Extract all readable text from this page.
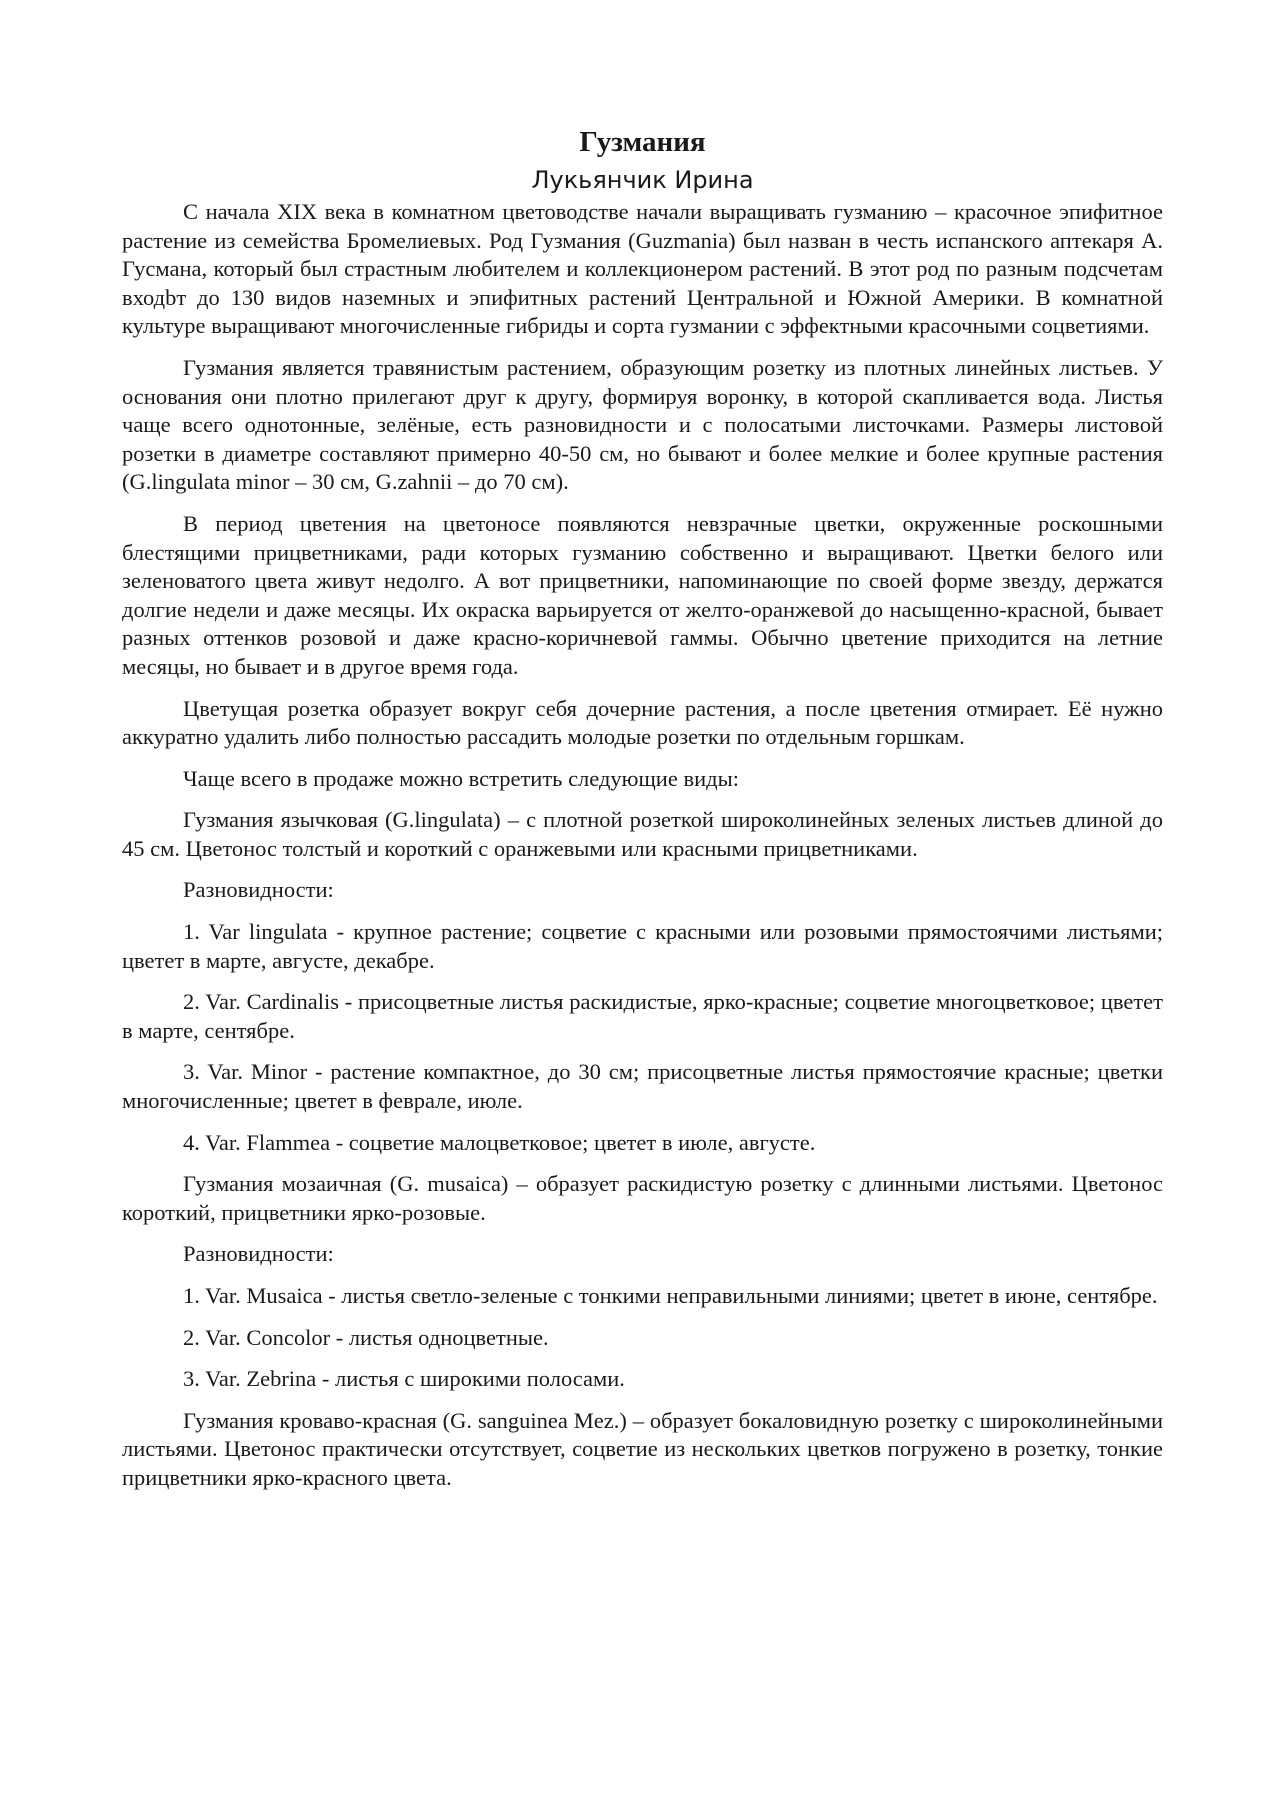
Гузмания
Лукьянчик Ирина

С начала XIX века в комнатном цветоводстве начали выращивать гузманию – красочное эпифитное растение из семейства Бромелиевых. Род Гузмания (Guzmania) был назван в честь испанского аптекаря А. Гусмана, который был страстным любителем и коллекционером растений. В этот род по разным подсчетам входbт до 130 видов наземных и эпифитных растений Центральной и Южной Америки. В комнатной культуре выращивают многочисленные гибриды и сорта гузмании с эффектными красочными соцветиями.

Гузмания является травянистым растением, образующим розетку из плотных линейных листьев. У основания они плотно прилегают друг к другу, формируя воронку, в которой скапливается вода. Листья чаще всего однотонные, зелёные, есть разновидности и с полосатыми листочками. Размеры листовой розетки в диаметре составляют примерно 40-50 см, но бывают и более мелкие и более крупные растения (G.lingulata minor – 30 см, G.zahnii – до 70 см).

В период цветения на цветоносе появляются невзрачные цветки, окруженные роскошными блестящими прицветниками, ради которых гузманию собственно и выращивают. Цветки белого или зеленоватого цвета живут недолго. А вот прицветники, напоминающие по своей форме звезду, держатся долгие недели и даже месяцы. Их окраска варьируется от желто-оранжевой до насыщенно-красной, бывает разных оттенков розовой и даже красно-коричневой гаммы. Обычно цветение приходится на летние месяцы, но бывает и в другое время года.

Цветущая розетка образует вокруг себя дочерние растения, а после цветения отмирает. Её нужно аккуратно удалить либо полностью рассадить молодые розетки по отдельным горшкам.

Чаще всего в продаже можно встретить следующие виды:

Гузмания язычковая (G.lingulata) – с плотной розеткой широколинейных зеленых листьев длиной до 45 см. Цветонос толстый и короткий с оранжевыми или красными прицветниками.

Разновидности:

1. Var lingulata - крупное растение; соцветие с красными или розовыми прямостоячими листьями; цветет в марте, августе, декабре.

2. Var. Cardinalis - присоцветные листья раскидистые, ярко-красные; соцветие многоцветковое; цветет в марте, сентябре.

3. Var. Minor - растение компактное, до 30 см; присоцветные листья прямостоячие красные; цветки многочисленные; цветет в феврале, июле.

4. Var. Flammea - соцветие малоцветковое; цветет в июле, августе.

Гузмания мозаичная (G. musaica) – образует раскидистую розетку с длинными листьями. Цветонос короткий, прицветники ярко-розовые.

Разновидности:

1. Var. Musaica - листья светло-зеленые с тонкими неправильными линиями; цветет в июне, сентябре.

2. Var. Concolor - листья одноцветные.

3. Var. Zebrina - листья с широкими полосами.

Гузмания кроваво-красная (G. sanguinea Mez.) – образует бокаловидную розетку с широколинейными листьями. Цветонос практически отсутствует, соцветие из нескольких цветков погружено в розетку, тонкие прицветники ярко-красного цвета.
